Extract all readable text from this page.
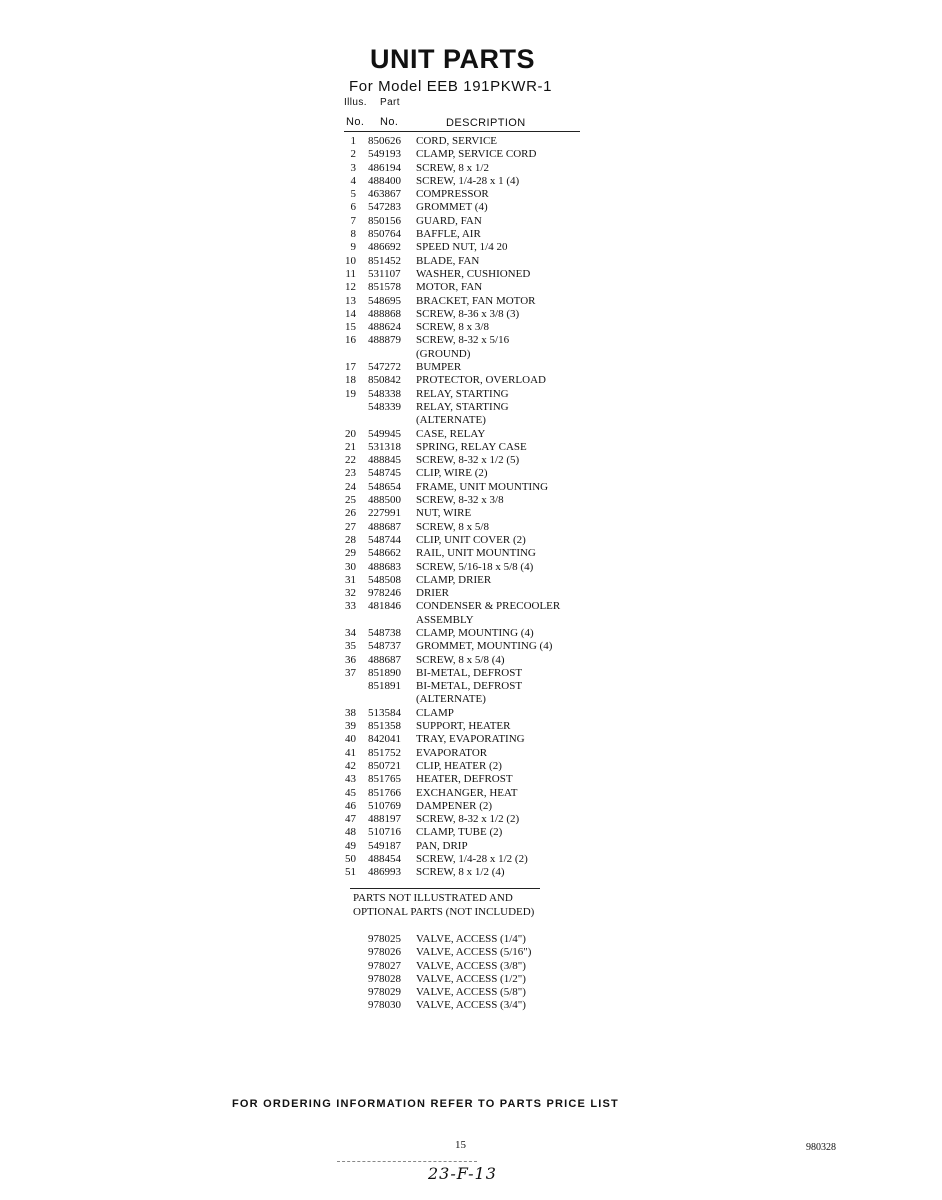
UNIT PARTS
For Model EEB 191PKWR-1
Illus. Part
No. No.	DESCRIPTION
1	850626	CORD, SERVICE
2	549193	CLAMP, SERVICE CORD
3	486194	SCREW, 8 x 1/2
4	488400	SCREW, 1/4-28 x 1 (4)
5	463867	COMPRESSOR
6	547283	GROMMET (4)
7	850156	GUARD, FAN
8	850764	BAFFLE, AIR
9	486692	SPEED NUT, 1/4 20
10	851452	BLADE, FAN
11	531107	WASHER, CUSHIONED
12	851578	MOTOR, FAN
13	548695	BRACKET, FAN MOTOR
14	488868	SCREW, 8-36 x 3/8 (3)
15	488624	SCREW, 8 x 3/8
16	488879	SCREW, 8-32 x 5/16
(GROUND)
17	547272	BUMPER
18	850842	PROTECTOR, OVERLOAD
19	548338	RELAY, STARTING
548339	RELAY, STARTING
(ALTERNATE)
20	549945	CASE, RELAY
21	531318	SPRING, RELAY CASE
22	488845	SCREW, 8-32 x 1/2 (5)
23	548745	CLIP, WIRE (2)
24	548654	FRAME, UNIT MOUNTING
25	488500	SCREW, 8-32 x 3/8
26	227991	NUT, WIRE
27	488687	SCREW, 8 x 5/8
28	548744	CLIP, UNIT COVER (2)
29	548662	RAIL, UNIT MOUNTING
30	488683	SCREW, 5/16-18 x 5/8 (4)
31	548508	CLAMP, DRIER
32	978246	DRIER
33	481846	CONDENSER & PRECOOLER
ASSEMBLY
34	548738	CLAMP, MOUNTING (4)
35	548737	GROMMET, MOUNTING (4)
36	488687	SCREW, 8 x 5/8 (4)
37	851890	BI-METAL, DEFROST
851891	BI-METAL, DEFROST
(ALTERNATE)
38	513584	CLAMP
39	851358	SUPPORT, HEATER
40	842041	TRAY, EVAPORATING
41	851752	EVAPORATOR
42	850721	CLIP, HEATER (2)
43	851765	HEATER, DEFROST
45	851766	EXCHANGER, HEAT
46	510769	DAMPENER (2)
47	488197	SCREW, 8-32 x 1/2 (2)
48	510716	CLAMP, TUBE (2)
49	549187	PAN, DRIP
50	488454	SCREW, 1/4-28 x 1/2 (2)
51	486993	SCREW, 8 x 1/2 (4)
PARTS NOT ILLUSTRATED AND
OPTIONAL PARTS (NOT INCLUDED)
978025	VALVE, ACCESS (1/4")
978026	VALVE, ACCESS (5/16")
978027	VALVE, ACCESS (3/8")
978028	VALVE, ACCESS (1/2")
978029	VALVE, ACCESS (5/8")
978030	VALVE, ACCESS (3/4")
FOR ORDERING INFORMATION REFER TO PARTS PRICE LIST
15	980328
23-F-13
